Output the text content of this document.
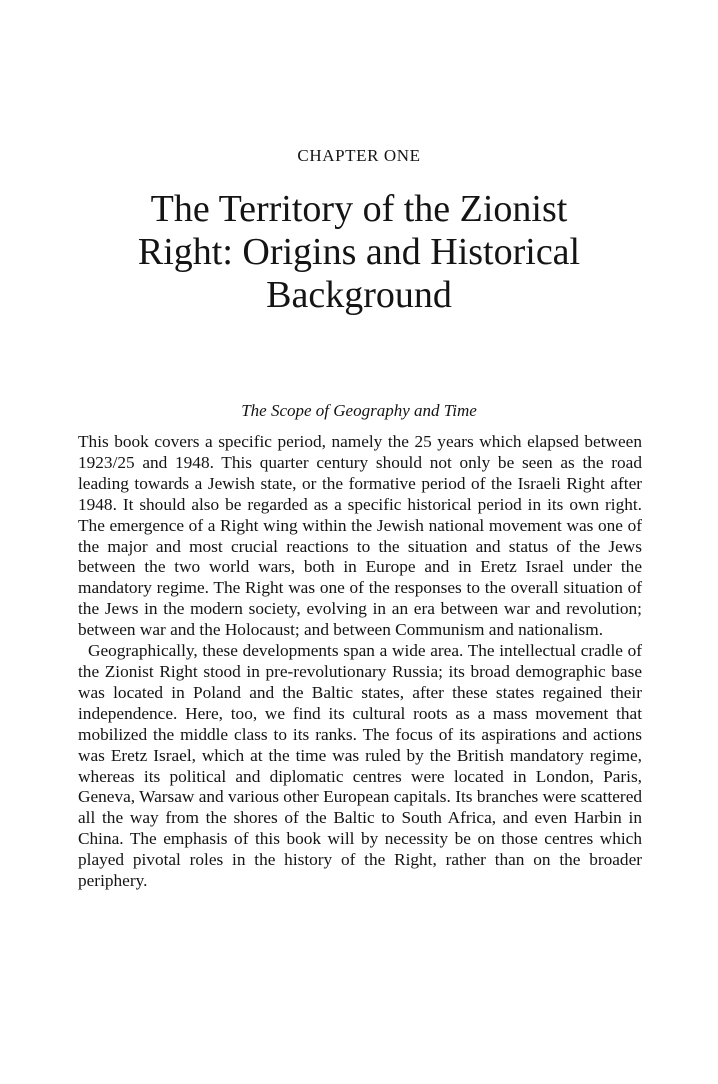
CHAPTER ONE
The Territory of the Zionist
Right: Origins and Historical
Background
The Scope of Geography and Time

This book covers a specific period, namely the 25 years which elapsed between 1923/25 and 1948. This quarter century should not only be seen as the road leading towards a Jewish state, or the formative period of the Israeli Right after 1948. It should also be regarded as a specific historical period in its own right. The emergence of a Right wing within the Jewish national movement was one of the major and most crucial reactions to the situation and status of the Jews between the two world wars, both in Europe and in Eretz Israel under the mandatory regime. The Right was one of the responses to the overall situation of the Jews in the modern society, evolving in an era between war and revolution; between war and the Holocaust; and between Communism and nationalism.

Geographically, these developments span a wide area. The intellectual cradle of the Zionist Right stood in pre-revolutionary Russia; its broad demographic base was located in Poland and the Baltic states, after these states regained their independence. Here, too, we find its cultural roots as a mass movement that mobilized the middle class to its ranks. The focus of its aspirations and actions was Eretz Israel, which at the time was ruled by the British mandatory regime, whereas its political and diplomatic centres were located in London, Paris, Geneva, Warsaw and various other European capitals. Its branches were scattered all the way from the shores of the Baltic to South Africa, and even Harbin in China. The emphasis of this book will by necessity be on those centres which played pivotal roles in the history of the Right, rather than on the broader periphery.
